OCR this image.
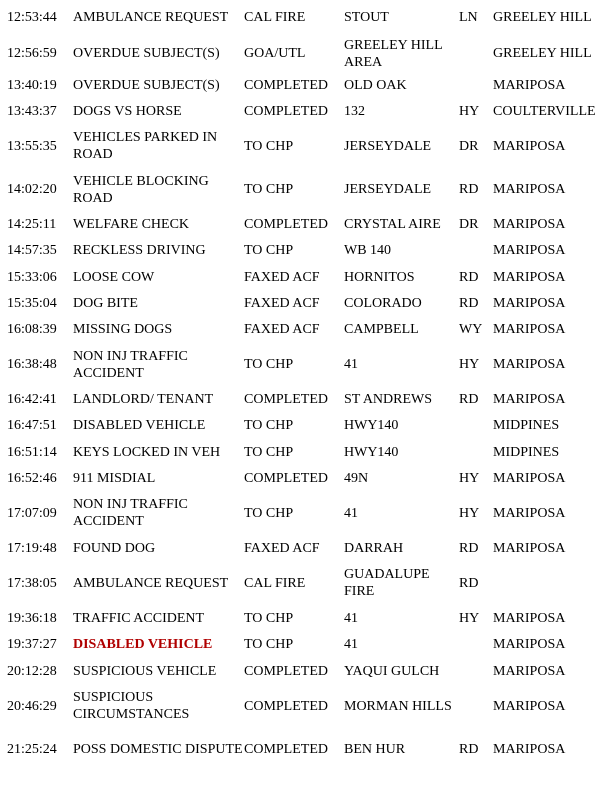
12:53:44	AMBULANCE REQUEST	CAL FIRE	STOUT	LN	GREELEY HILL
12:56:59	OVERDUE SUBJECT(S)	GOA/UTL	GREELEY HILL AREA		GREELEY HILL
13:40:19	OVERDUE SUBJECT(S)	COMPLETED	OLD OAK		MARIPOSA
13:43:37	DOGS VS HORSE	COMPLETED	132	HY	COULTERVILLE
13:55:35	VEHICLES PARKED IN ROAD	TO CHP	JERSEYDALE	DR	MARIPOSA
14:02:20	VEHICLE BLOCKING ROAD	TO CHP	JERSEYDALE	RD	MARIPOSA
14:25:11	WELFARE CHECK	COMPLETED	CRYSTAL AIRE	DR	MARIPOSA
14:57:35	RECKLESS DRIVING	TO CHP	WB 140		MARIPOSA
15:33:06	LOOSE COW	FAXED ACF	HORNITOS	RD	MARIPOSA
15:35:04	DOG BITE	FAXED ACF	COLORADO	RD	MARIPOSA
16:08:39	MISSING DOGS	FAXED ACF	CAMPBELL	WY	MARIPOSA
16:38:48	NON INJ TRAFFIC ACCIDENT	TO CHP	41	HY	MARIPOSA
16:42:41	LANDLORD/ TENANT	COMPLETED	ST ANDREWS	RD	MARIPOSA
16:47:51	DISABLED VEHICLE	TO CHP	HWY140		MIDPINES
16:51:14	KEYS LOCKED IN VEH	TO CHP	HWY140		MIDPINES
16:52:46	911 MISDIAL	COMPLETED	49N	HY	MARIPOSA
17:07:09	NON INJ TRAFFIC ACCIDENT	TO CHP	41	HY	MARIPOSA
17:19:48	FOUND DOG	FAXED ACF	DARRAH	RD	MARIPOSA
17:38:05	AMBULANCE REQUEST	CAL FIRE	GUADALUPE FIRE	RD	
19:36:18	TRAFFIC ACCIDENT	TO CHP	41	HY	MARIPOSA
19:37:27	DISABLED VEHICLE	TO CHP	41		MARIPOSA
20:12:28	SUSPICIOUS VEHICLE	COMPLETED	YAQUI GULCH		MARIPOSA
20:46:29	SUSPICIOUS CIRCUMSTANCES	COMPLETED	MORMAN HILLS		MARIPOSA
21:25:24	POSS DOMESTIC DISPUTE	COMPLETED	BEN HUR	RD	MARIPOSA
